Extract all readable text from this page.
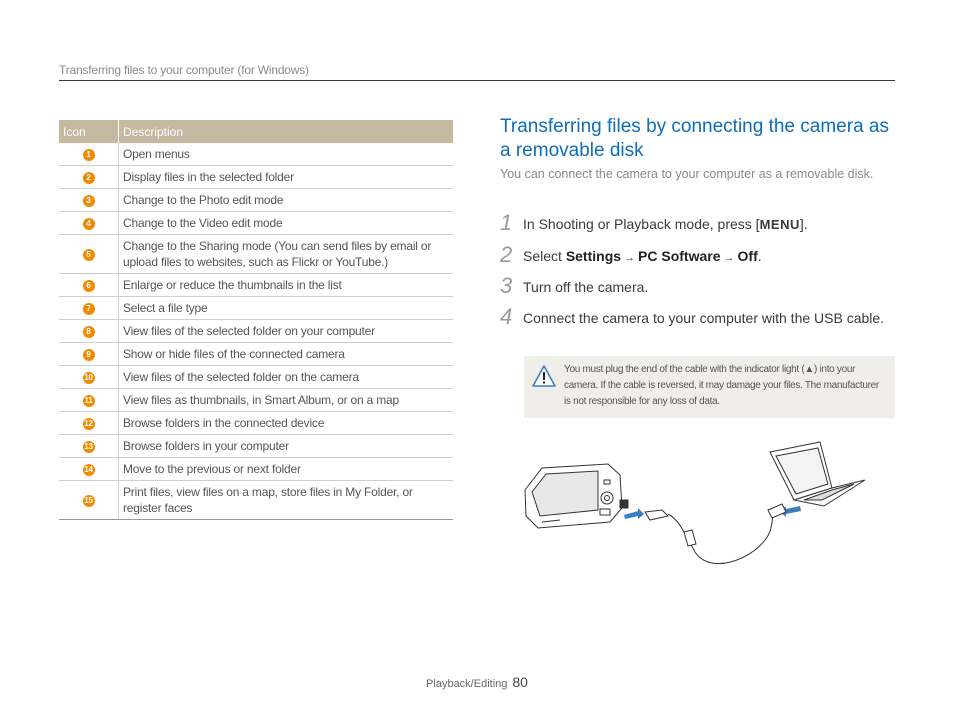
Transferring files to your computer (for Windows)
Icon	Description
1	Open menus
2	Display files in the selected folder
3	Change to the Photo edit mode
4	Change to the Video edit mode
5	Change to the Sharing mode (You can send files by email or upload files to websites, such as Flickr or YouTube.)
6	Enlarge or reduce the thumbnails in the list
7	Select a file type
8	View files of the selected folder on your computer
9	Show or hide files of the connected camera
10	View files of the selected folder on the camera
11	View files as thumbnails, in Smart Album, or on a map
12	Browse folders in the connected device
13	Browse folders in your computer
14	Move to the previous or next folder
15	Print files, view files on a map, store files in My Folder, or register faces
Transferring files by connecting the camera as a removable disk
You can connect the camera to your computer as a removable disk.
1 In Shooting or Playback mode, press [MENU].
2 Select Settings → PC Software → Off.
3 Turn off the camera.
4 Connect the camera to your computer with the USB cable.
You must plug the end of the cable with the indicator light (▲) into your camera. If the cable is reversed, it may damage your files. The manufacturer is not responsible for any loss of data.
Playback/Editing 80
